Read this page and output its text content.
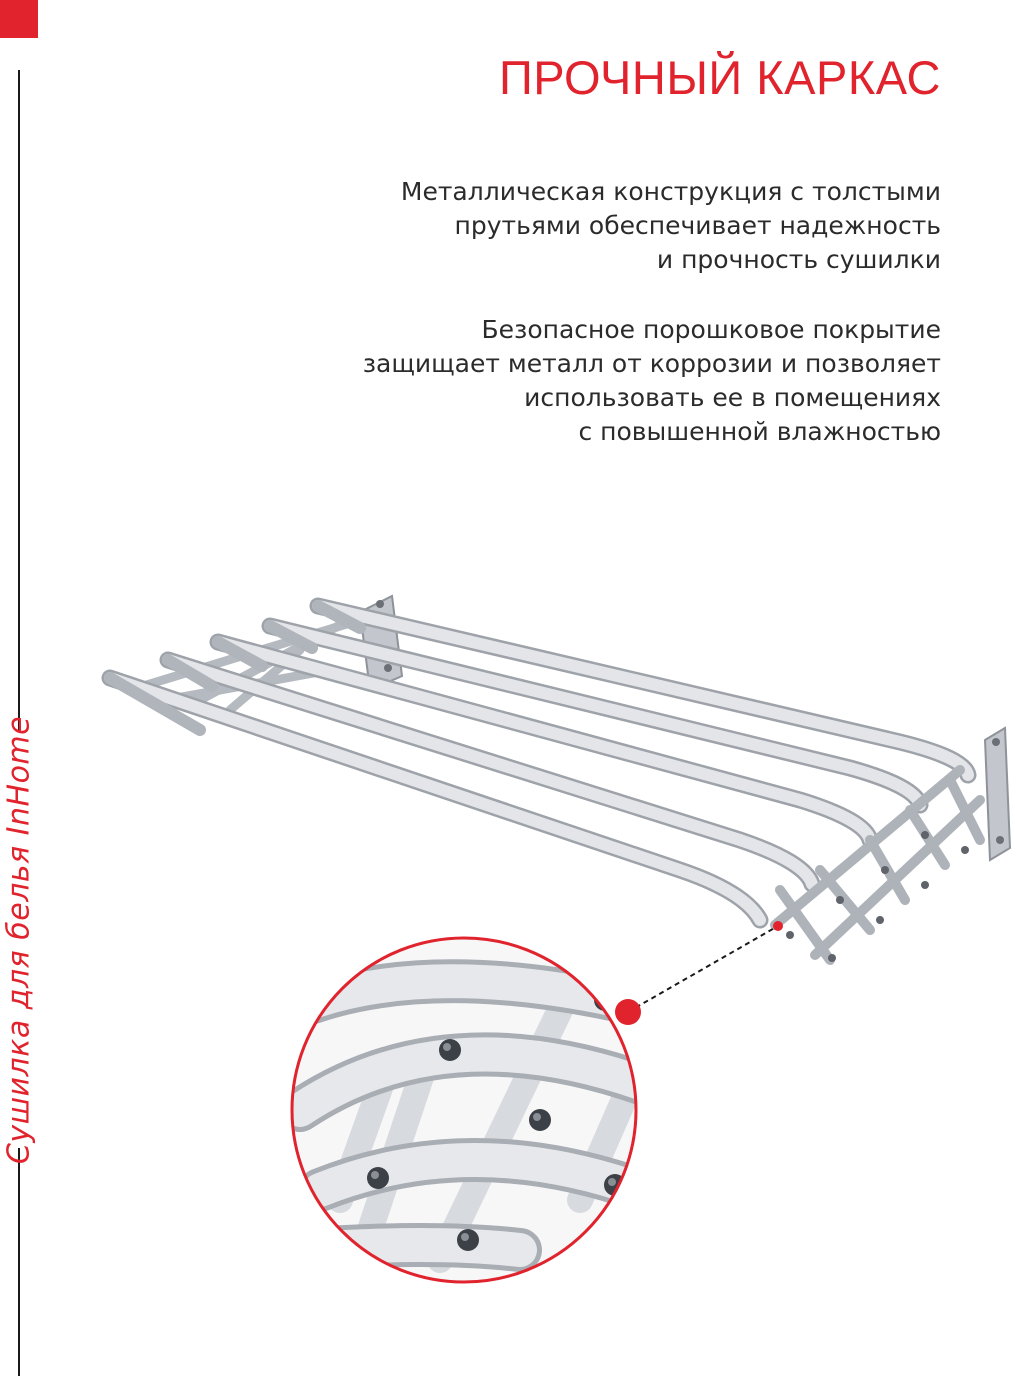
Сушилка для белья InHome
ПРОЧНЫЙ КАРКАС

Металлическая конструкция с толстыми
прутьями обеспечивает надежность
и прочность сушилки

Безопасное порошковое покрытие
защищает металл от коррозии и позволяет
использовать ее в помещениях
с повышенной влажностью
